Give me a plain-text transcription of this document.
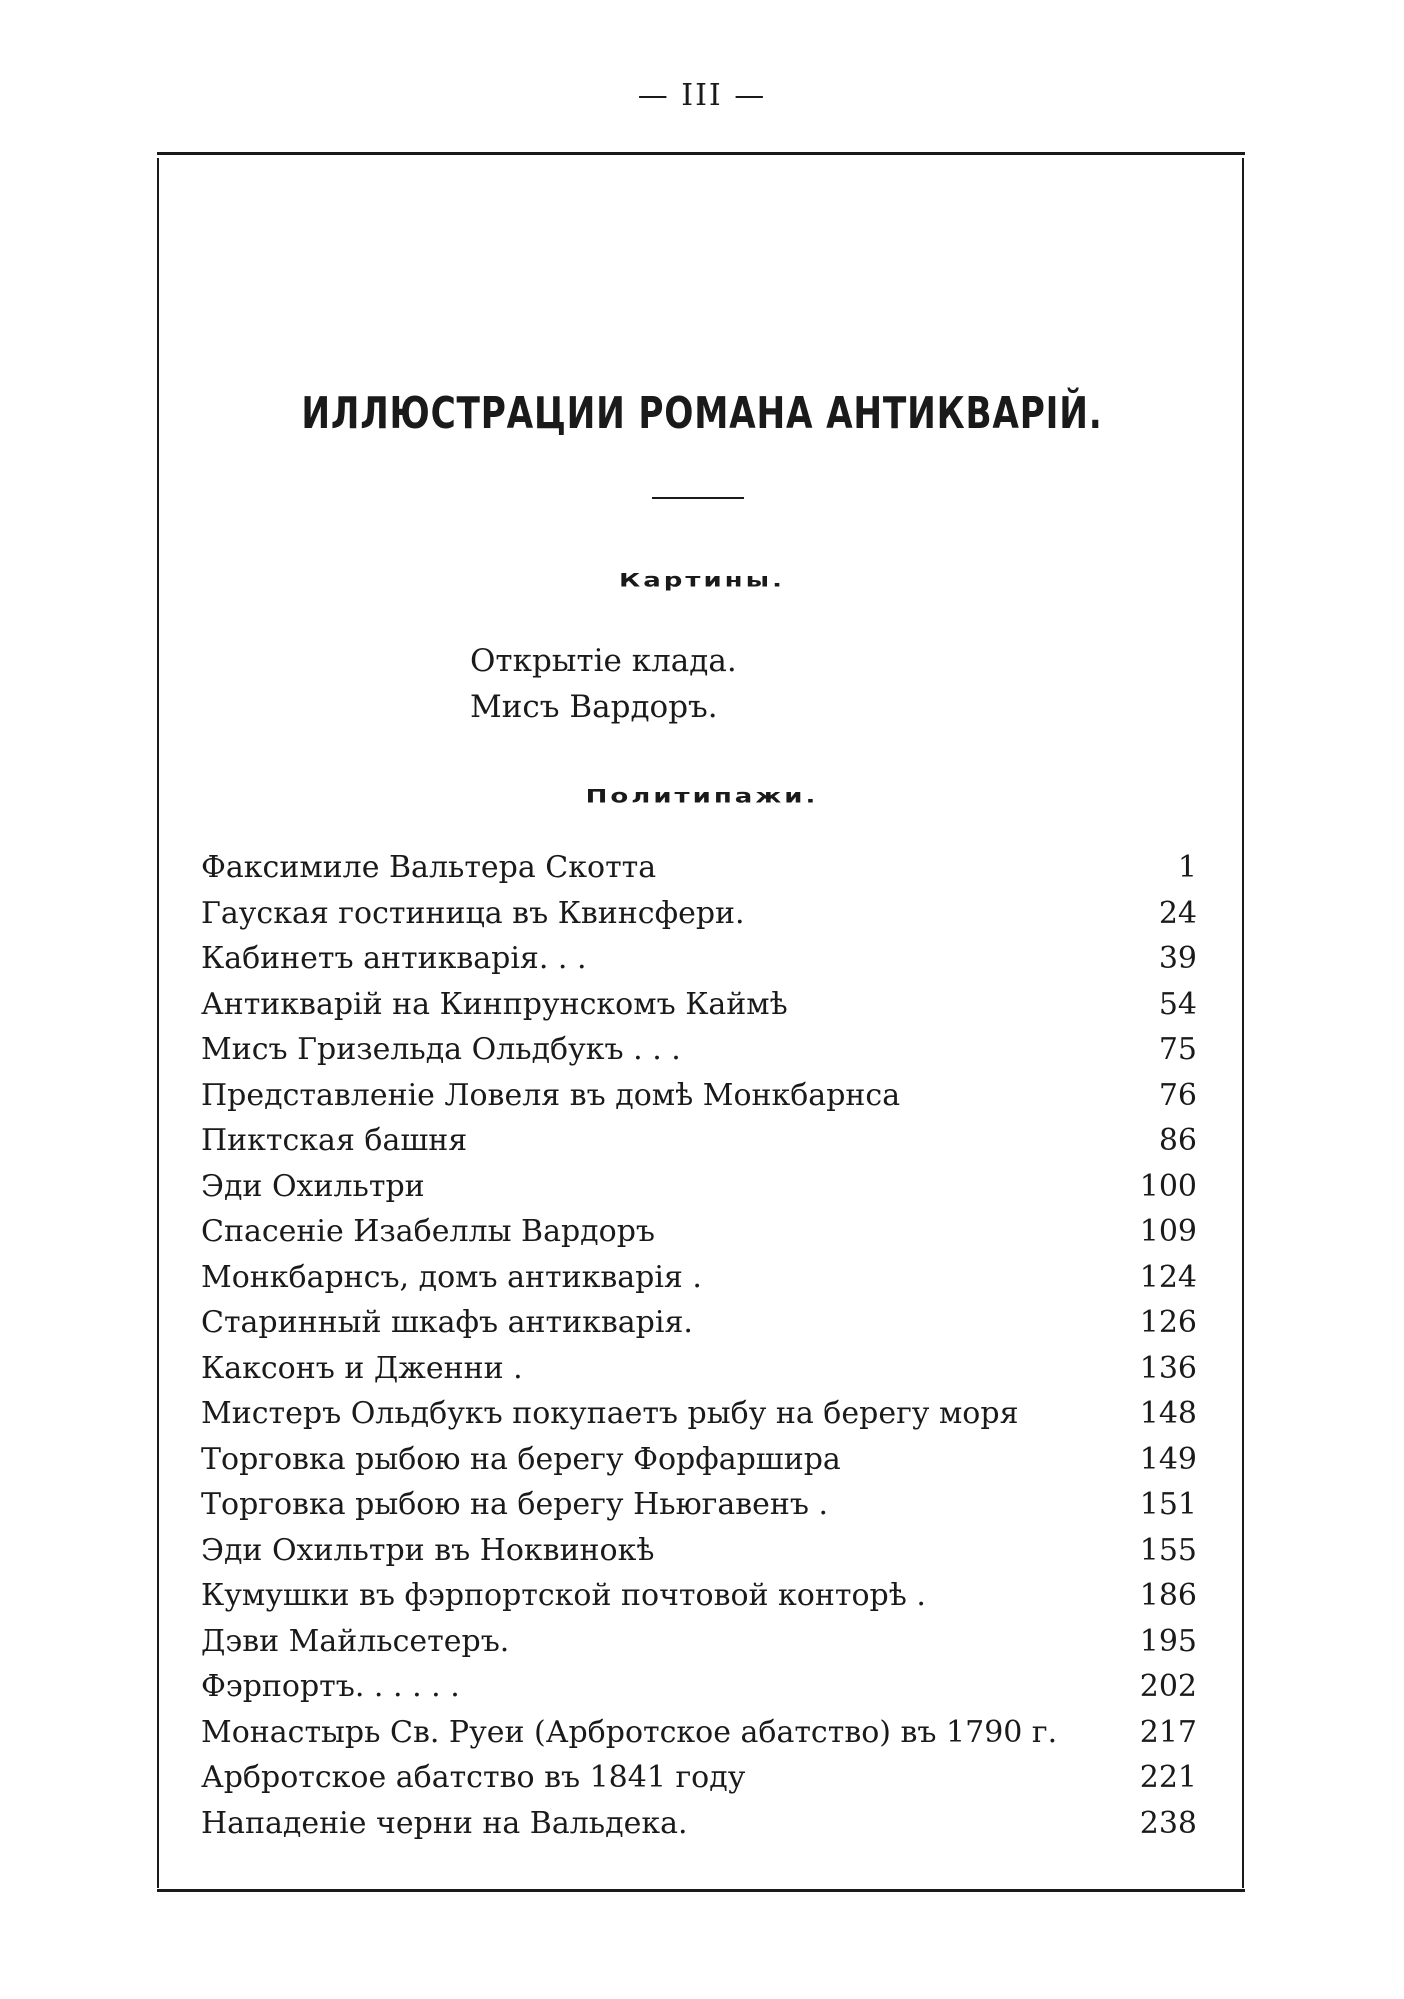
— III —
ИЛЛЮСТРАЦИИ РОМАНА АНТИКВАРІЙ.
Картины.
Открытіе клада.
Мисъ Вардоръ.
Политипажи.
Факсимиле Вальтера Скотта	1
Гауская гостиница въ Квинсфери.	24
Кабинетъ антикварія. . .	39
Антикварій на Кинпрунскомъ Каймѣ	54
Мисъ Гризельда Ольдбукъ . . .	75
Представленіе Ловеля въ домѣ Монкбарнса	76
Пиктская башня	86
Эди Охильтри	100
Спасеніе Изабеллы Вардоръ	109
Монкбарнсъ, домъ антикварія .	124
Старинный шкафъ антикварія.	126
Каксонъ и Дженни .	136
Мистеръ Ольдбукъ покупаетъ рыбу на берегу моря	148
Торговка рыбою на берегу Форфаршира	149
Торговка рыбою на берегу Ньюгавенъ .	151
Эди Охильтри въ Ноквинокѣ	155
Кумушки въ фэрпортской почтовой конторѣ .	186
Дэви Майльсетеръ.	195
Фэрпортъ. . . . . .	202
Монастырь Св. Руеи (Арбротское абатство) въ 1790 г.	217
Арбротское абатство въ 1841 году	221
Нападеніе черни на Вальдека.	238
